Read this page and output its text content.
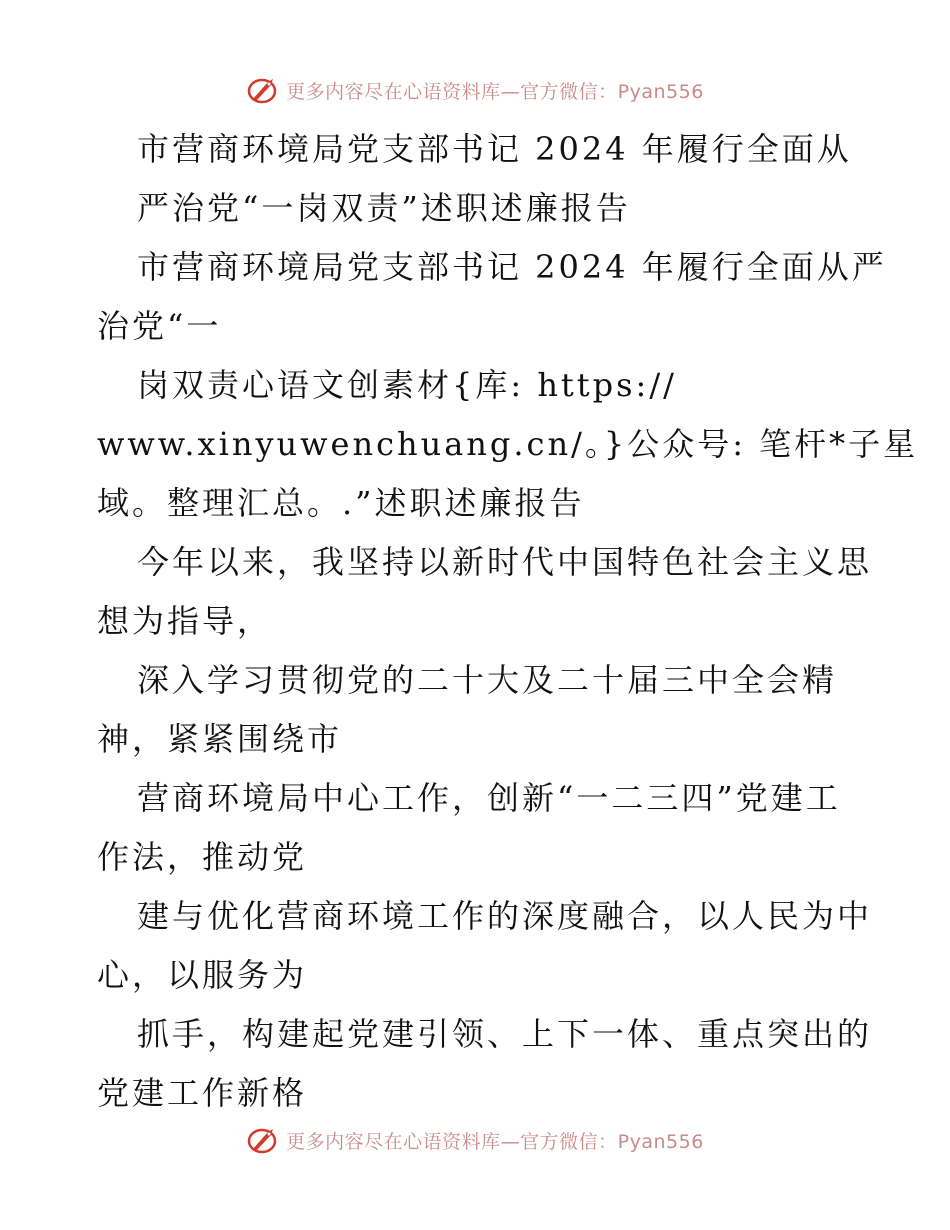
更多内容尽在心语资料库—官方微信：Pyan556
市营商环境局党支部书记 2024 年履行全面从
严治党“一岗双责”述职述廉报告
市营商环境局党支部书记 2024 年履行全面从严
治党“一
岗双责心语文创素材{库: https://
www.xinyuwenchuang.cn/。}公众号: 笔杆*子星
域。整理汇总。.”述职述廉报告
今年以来，我坚持以新时代中国特色社会主义思
想为指导，
深入学习贯彻党的二十大及二十届三中全会精
神，紧紧围绕市
营商环境局中心工作，创新“一二三四”党建工
作法，推动党
建与优化营商环境工作的深度融合，以人民为中
心，以服务为
抓手，构建起党建引领、上下一体、重点突出的
党建工作新格
更多内容尽在心语资料库—官方微信：Pyan556
